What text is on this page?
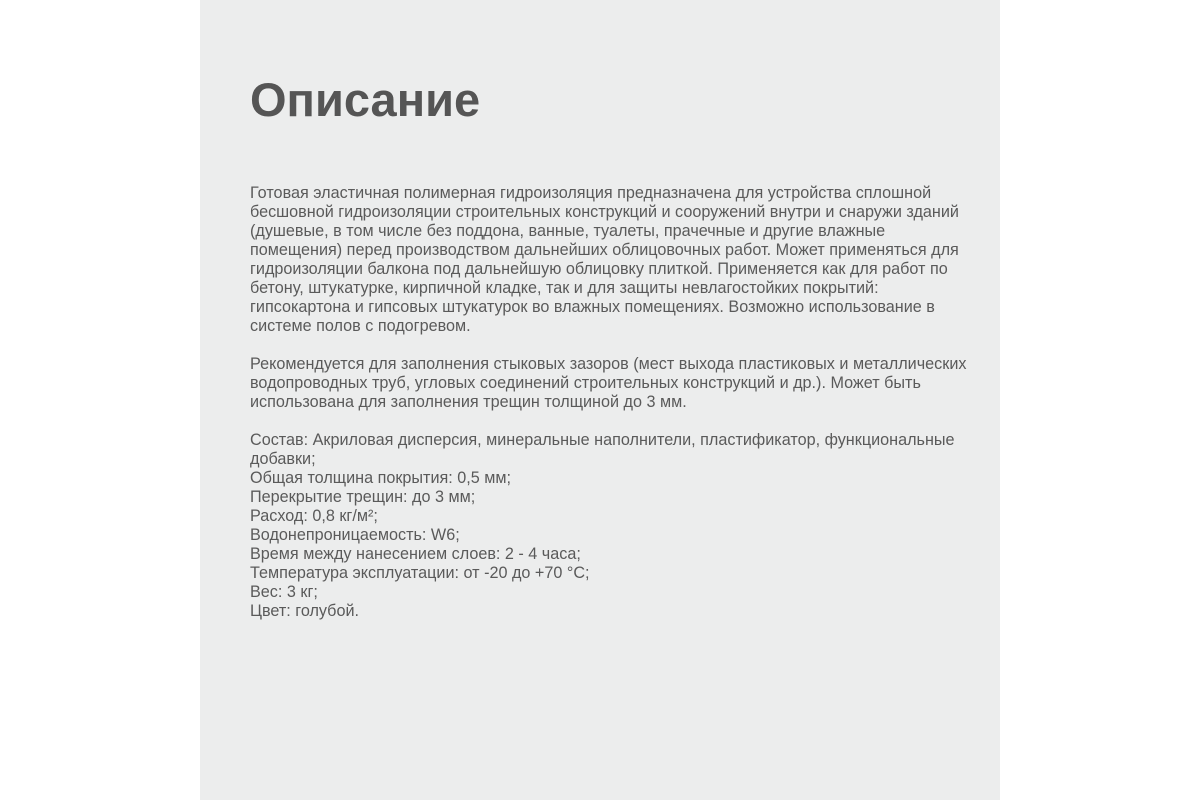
Описание

Готовая эластичная полимерная гидроизоляция предназначена для устройства сплошной бесшовной гидроизоляции строительных конструкций и сооружений внутри и снаружи зданий (душевые, в том числе без поддона, ванные, туалеты, прачечные и другие влажные помещения) перед производством дальнейших облицовочных работ. Может применяться для гидроизоляции балкона под дальнейшую облицовку плиткой. Применяется как для работ по бетону, штукатурке, кирпичной кладке, так и для защиты невлагостойких покрытий: гипсокартона и гипсовых штукатурок во влажных помещениях. Возможно использование в системе полов с подогревом.

Рекомендуется для заполнения стыковых зазоров (мест выхода пластиковых и металлических водопроводных труб, угловых соединений строительных конструкций и др.). Может быть использована для заполнения трещин толщиной до 3 мм.

Состав: Акриловая дисперсия, минеральные наполнители, пластификатор, функциональные добавки;
Общая толщина покрытия: 0,5 мм;
Перекрытие трещин: до 3 мм;
Расход: 0,8 кг/м²;
Водонепроницаемость: W6;
Время между нанесением слоев: 2 - 4 часа;
Температура эксплуатации: от -20 до +70 °С;
Вес: 3 кг;
Цвет: голубой.
